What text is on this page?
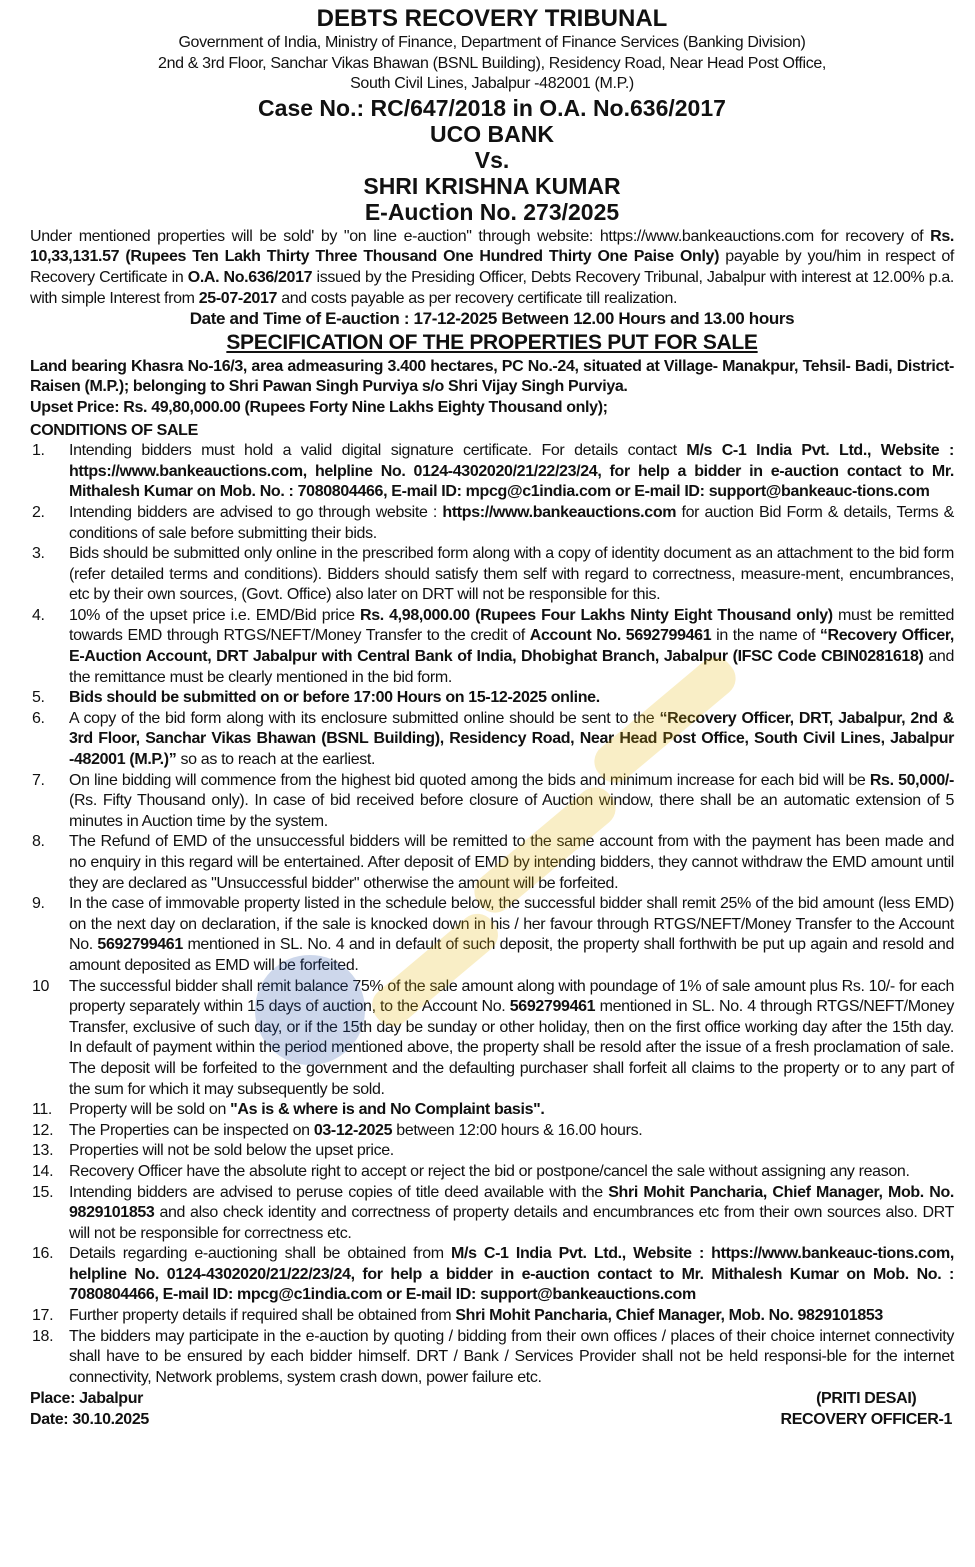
DEBTS RECOVERY TRIBUNAL
Government of India, Ministry of Finance, Department of Finance Services (Banking Division)
2nd & 3rd Floor, Sanchar Vikas Bhawan (BSNL Building), Residency Road, Near Head Post Office,
South Civil Lines, Jabalpur -482001 (M.P.)
Case No.: RC/647/2018 in O.A. No.636/2017
UCO BANK
Vs.
SHRI KRISHNA KUMAR
E-Auction No. 273/2025
Under mentioned properties will be sold' by "on line e-auction" through website: https://www.bankeauctions.com for recovery of Rs. 10,33,131.57 (Rupees Ten Lakh Thirty Three Thousand One Hundred Thirty One Paise Only) payable by you/him in respect of Recovery Certificate in O.A. No.636/2017 issued by the Presiding Officer, Debts Recovery Tribunal, Jabalpur with interest at 12.00% p.a. with simple Interest from 25-07-2017 and costs payable as per recovery certificate till realization.
Date and Time of E-auction : 17-12-2025 Between 12.00 Hours and 13.00 hours
SPECIFICATION OF THE PROPERTIES PUT FOR SALE
Land bearing Khasra No-16/3, area admeasuring 3.400 hectares, PC No.-24, situated at Village- Manakpur, Tehsil- Badi, District- Raisen (M.P.); belonging to Shri Pawan Singh Purviya s/o Shri Vijay Singh Purviya.
Upset Price: Rs. 49,80,000.00 (Rupees Forty Nine Lakhs Eighty Thousand only);
CONDITIONS OF SALE
1.	Intending bidders must hold a valid digital signature certificate. For details contact M/s C-1 India Pvt. Ltd., Website : https://www.bankeauctions.com, helpline No. 0124-4302020/21/22/23/24, for help a bidder in e-auction contact to Mr. Mithalesh Kumar on Mob. No. : 7080804466, E-mail ID: mpcg@c1india.com or E-mail ID: support@bankeauc-tions.com
2.	Intending bidders are advised to go through website : https://www.bankeauctions.com for auction Bid Form & details, Terms & conditions of sale before submitting their bids.
3.	Bids should be submitted only online in the prescribed form along with a copy of identity document as an attachment to the bid form (refer detailed terms and conditions). Bidders should satisfy them self with regard to correctness, measure-ment, encumbrances, etc by their own sources, (Govt. Office) also later on DRT will not be responsible for this.
4.	10% of the upset price i.e. EMD/Bid price Rs. 4,98,000.00 (Rupees Four Lakhs Ninty Eight Thousand only) must be remitted towards EMD through RTGS/NEFT/Money Transfer to the credit of Account No. 5692799461 in the name of “Recovery Officer, E-Auction Account, DRT Jabalpur with Central Bank of India, Dhobighat Branch, Jabalpur (IFSC Code CBIN0281618) and the remittance must be clearly mentioned in the bid form.
5.	Bids should be submitted on or before 17:00 Hours on 15-12-2025 online.
6.	A copy of the bid form along with its enclosure submitted online should be sent to the “Recovery Officer, DRT, Jabalpur, 2nd & 3rd Floor, Sanchar Vikas Bhawan (BSNL Building), Residency Road, Near Head Post Office, South Civil Lines, Jabalpur -482001 (M.P.)” so as to reach at the earliest.
7.	On line bidding will commence from the highest bid quoted among the bids and minimum increase for each bid will be Rs. 50,000/- (Rs. Fifty Thousand only). In case of bid received before closure of Auction window, there shall be an automatic extension of 5 minutes in Auction time by the system.
8.	The Refund of EMD of the unsuccessful bidders will be remitted to the same account from with the payment has been made and no enquiry in this regard will be entertained. After deposit of EMD by intending bidders, they cannot withdraw the EMD amount until they are declared as "Unsuccessful bidder" otherwise the amount will be forfeited.
9.	In the case of immovable property listed in the schedule below, the successful bidder shall remit 25% of the bid amount (less EMD) on the next day on declaration, if the sale is knocked down in his / her favour through RTGS/NEFT/Money Transfer to the Account No. 5692799461 mentioned in SL. No. 4 and in default of such deposit, the property shall forthwith be put up again and resold and amount deposited as EMD will be forfeited.
10	The successful bidder shall remit balance 75% of the sale amount along with poundage of 1% of sale amount plus Rs. 10/- for each property separately within 15 days of auction, to the Account No. 5692799461 mentioned in SL. No. 4 through RTGS/NEFT/Money Transfer, exclusive of such day, or if the 15th day be sunday or other holiday, then on the first office working day after the 15th day. In default of payment within the period mentioned above, the property shall be resold after the issue of a fresh proclamation of sale. The deposit will be forfeited to the government and the defaulting purchaser shall forfeit all claims to the property or to any part of the sum for which it may subsequently be sold.
11.	Property will be sold on "As is & where is and No Complaint basis".
12. The Properties can be inspected on 03-12-2025 between 12:00 hours & 16.00 hours.
13. Properties will not be sold below the upset price.
14. Recovery Officer have the absolute right to accept or reject the bid or postpone/cancel the sale without assigning any reason.
15. Intending bidders are advised to peruse copies of title deed available with the Shri Mohit Pancharia, Chief Manager, Mob. No. 9829101853 and also check identity and correctness of property details and encumbrances etc from their own sources also. DRT will not be responsible for correctness etc.
16. Details regarding e-auctioning shall be obtained from M/s C-1 India Pvt. Ltd., Website : https://www.bankeauc-tions.com, helpline No. 0124-4302020/21/22/23/24, for help a bidder in e-auction contact to Mr. Mithalesh Kumar on Mob. No. : 7080804466, E-mail ID: mpcg@c1india.com or E-mail ID: support@bankeauctions.com
17. Further property details if required shall be obtained from Shri Mohit Pancharia, Chief Manager, Mob. No. 9829101853
18. The bidders may participate in the e-auction by quoting / bidding from their own offices / places of their choice internet connectivity shall have to be ensured by each bidder himself. DRT / Bank / Services Provider shall not be held responsi-ble for the internet connectivity, Network problems, system crash down, power failure etc.
Place: Jabalpur
Date: 30.10.2025
(PRITI DESAI)
RECOVERY OFFICER-1
